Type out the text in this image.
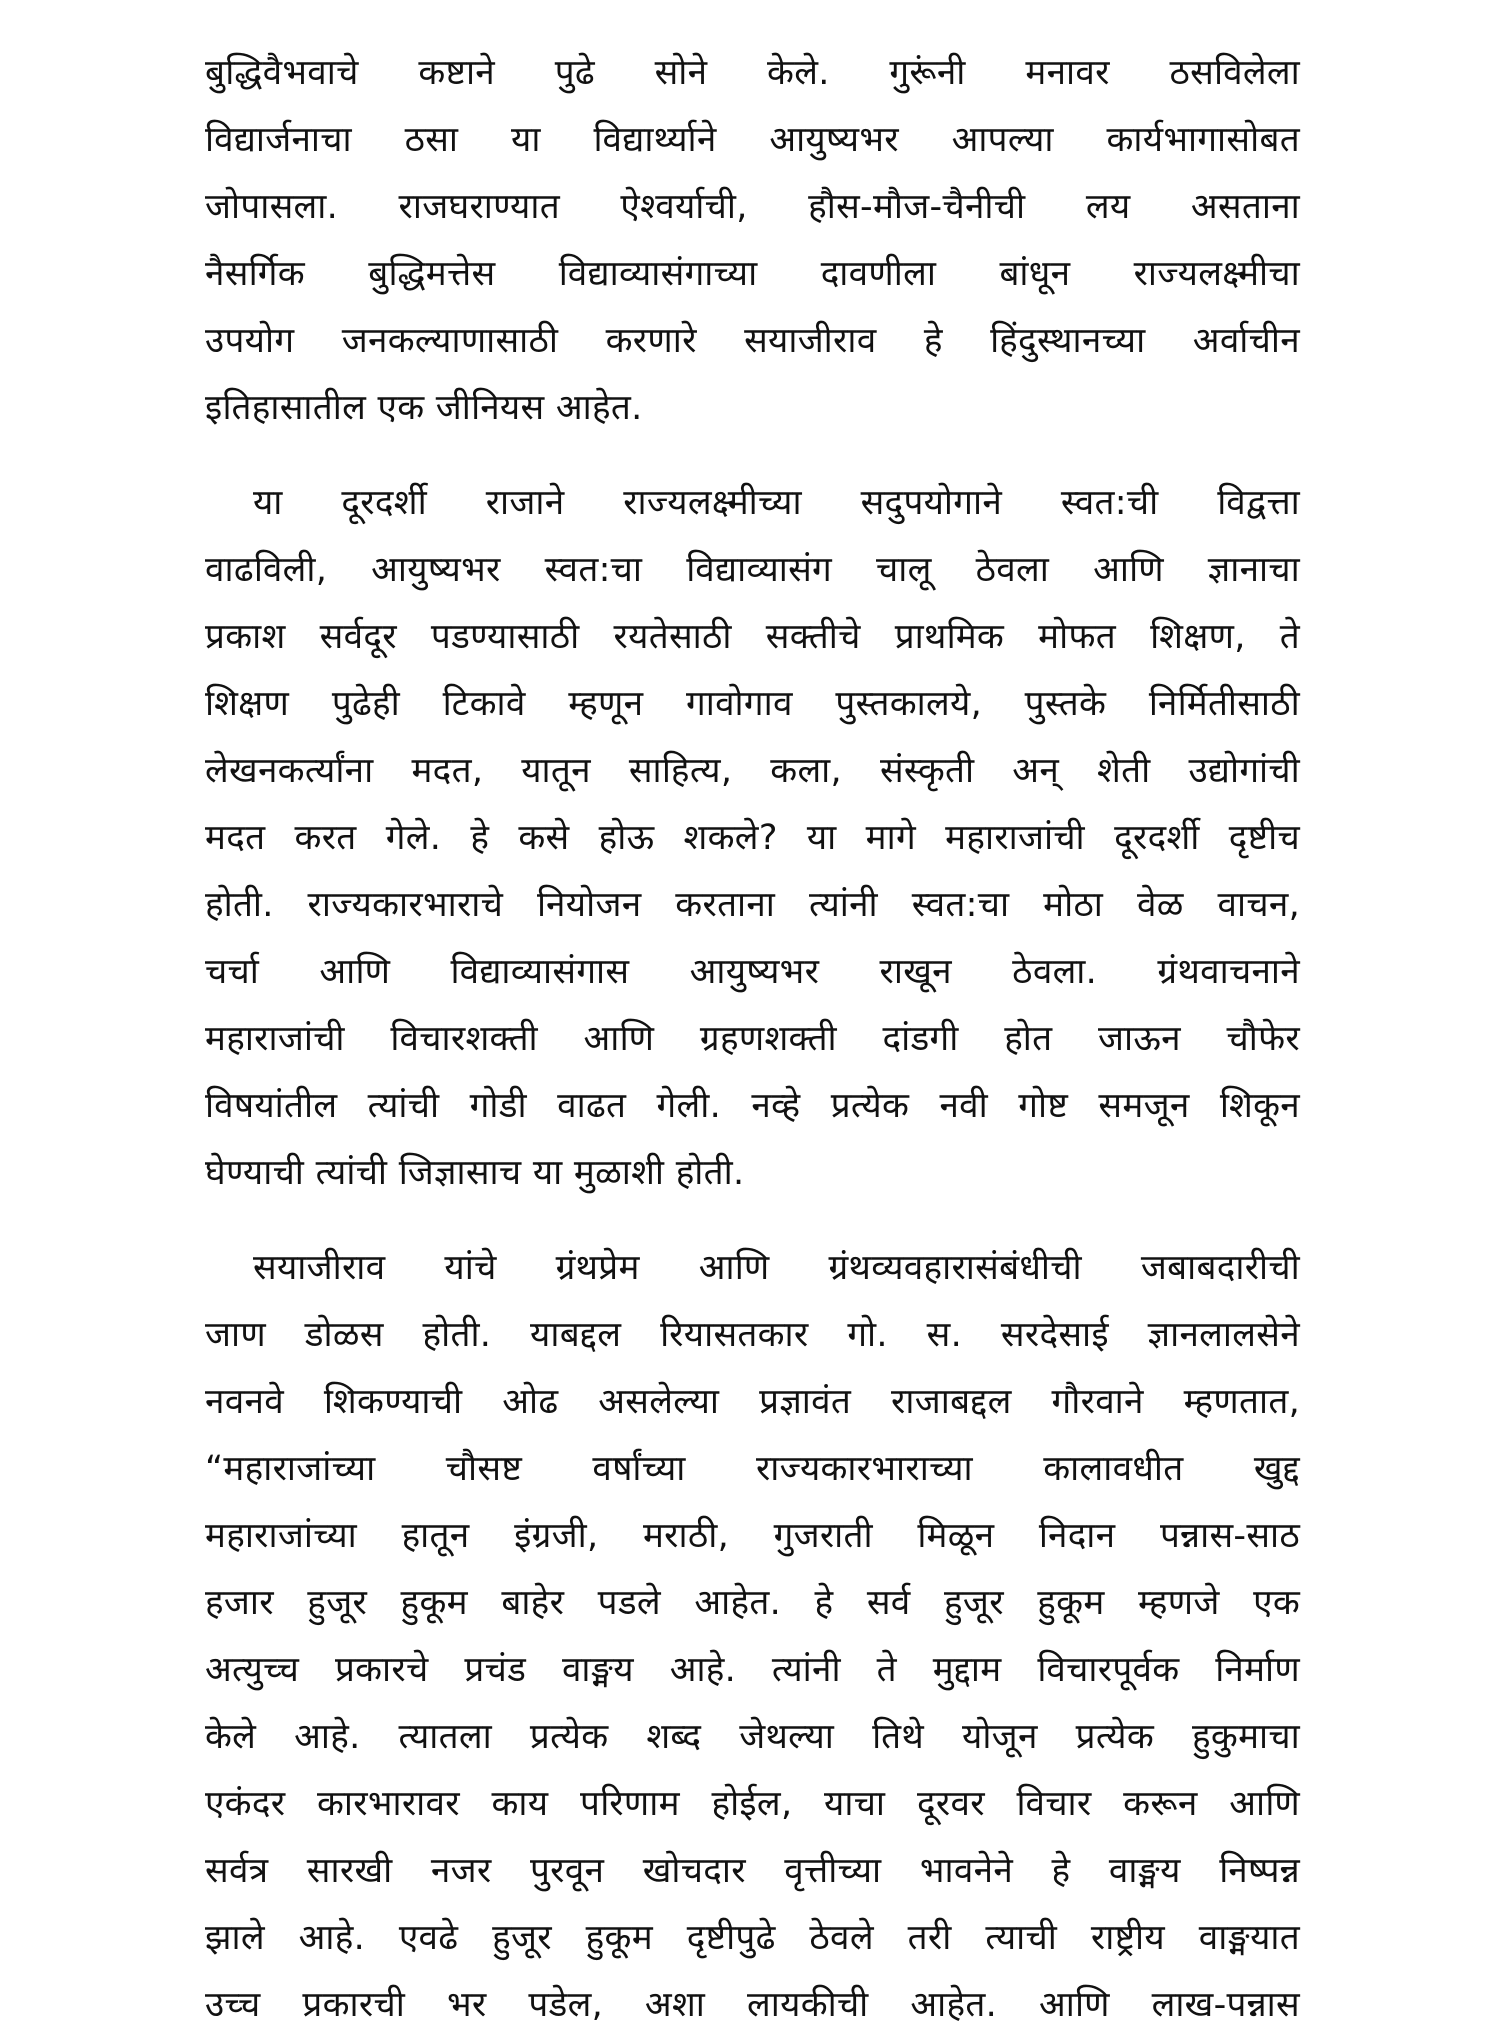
बुद्धिवैभवाचे कष्टाने पुढे सोने केले. गुरूंनी मनावर ठसविलेला
विद्यार्जनाचा ठसा या विद्यार्थ्याने आयुष्यभर आपल्या कार्यभागासोबत
जोपासला. राजघराण्यात ऐश्वर्याची, हौस-मौज-चैनीची लय असताना
नैसर्गिक बुद्धिमत्तेस विद्याव्यासंगाच्या दावणीला बांधून राज्यलक्ष्मीचा
उपयोग जनकल्याणासाठी करणारे सयाजीराव हे हिंदुस्थानच्या अर्वाचीन
इतिहासातील एक जीनियस आहेत.
या दूरदर्शी राजाने राज्यलक्ष्मीच्या सदुपयोगाने स्वत:ची विद्वत्ता
वाढविली, आयुष्यभर स्वत:चा विद्याव्यासंग चालू ठेवला आणि ज्ञानाचा
प्रकाश सर्वदूर पडण्यासाठी रयतेसाठी सक्तीचे प्राथमिक मोफत शिक्षण, ते
शिक्षण पुढेही टिकावे म्हणून गावोगाव पुस्तकालये, पुस्तके निर्मितीसाठी
लेखनकर्त्यांना मदत, यातून साहित्य, कला, संस्कृती अन् शेती उद्योगांची
मदत करत गेले. हे कसे होऊ शकले? या मागे महाराजांची दूरदर्शी दृष्टीच
होती. राज्यकारभाराचे नियोजन करताना त्यांनी स्वत:चा मोठा वेळ वाचन,
चर्चा आणि विद्याव्यासंगास आयुष्यभर राखून ठेवला. ग्रंथवाचनाने
महाराजांची विचारशक्ती आणि ग्रहणशक्ती दांडगी होत जाऊन चौफेर
विषयांतील त्यांची गोडी वाढत गेली. नव्हे प्रत्येक नवी गोष्ट समजून शिकून
घेण्याची त्यांची जिज्ञासाच या मुळाशी होती.
सयाजीराव यांचे ग्रंथप्रेम आणि ग्रंथव्यवहारासंबंधीची जबाबदारीची
जाण डोळस होती. याबद्दल रियासतकार गो. स. सरदेसाई ज्ञानलालसेने
नवनवे शिकण्याची ओढ असलेल्या प्रज्ञावंत राजाबद्दल गौरवाने म्हणतात,
“महाराजांच्या चौसष्ट वर्षांच्या राज्यकारभाराच्या कालावधीत खुद्द
महाराजांच्या हातून इंग्रजी, मराठी, गुजराती मिळून निदान पन्नास-साठ
हजार हुजूर हुकूम बाहेर पडले आहेत. हे सर्व हुजूर हुकूम म्हणजे एक
अत्युच्च प्रकारचे प्रचंड वाङ्मय आहे. त्यांनी ते मुद्दाम विचारपूर्वक निर्माण
केले आहे. त्यातला प्रत्येक शब्द जेथल्या तिथे योजून प्रत्येक हुकुमाचा
एकंदर कारभारावर काय परिणाम होईल, याचा दूरवर विचार करून आणि
सर्वत्र सारखी नजर पुरवून खोचदार वृत्तीच्या भावनेने हे वाङ्मय निष्पन्न
झाले आहे. एवढे हुजूर हुकूम दृष्टीपुढे ठेवले तरी त्याची राष्ट्रीय वाङ्मयात
उच्च प्रकारची भर पडेल, अशा लायकीची आहेत. आणि लाख-पन्नास
